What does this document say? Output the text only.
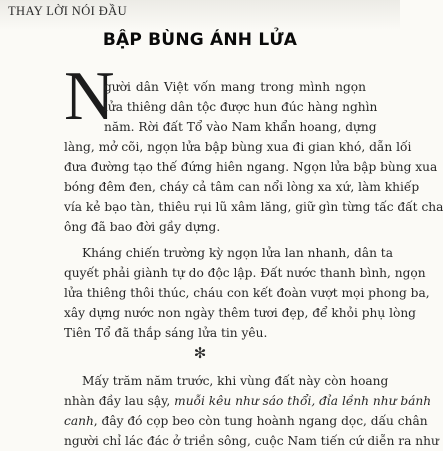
THAY LỜI NÓI ĐẦU
BẬP BÙNG ÁNH LỬA
N
gười dân Việt vốn mang trong mình ngọn
lửa thiêng dân tộc được hun đúc hàng nghìn
năm. Rời đất Tổ vào Nam khẩn hoang, dựng
làng, mở cõi, ngọn lửa bập bùng xua đi gian khó, dẫn lối
đưa đường tạo thế đứng hiên ngang. Ngọn lửa bập bùng xua
bóng đêm đen, cháy cả tâm can nổi lòng xa xứ, làm khiếp
vía kẻ bạo tàn, thiêu rụi lũ xâm lăng, giữ gìn từng tấc đất cha
ông đã bao đời gầy dựng.
Kháng chiến trường kỳ ngọn lửa lan nhanh, dân ta
quyết phải giành tự do độc lập. Đất nước thanh bình, ngọn
lửa thiêng thôi thúc, cháu con kết đoàn vượt mọi phong ba,
xây dựng nước non ngày thêm tươi đẹp, để khỏi phụ lòng
Tiên Tổ đã thắp sáng lửa tin yêu.
✻
Mấy trăm năm trước, khi vùng đất này còn hoang
nhàn đầy lau sậy, muỗi kêu như sáo thổi, đỉa lềnh như bánh
canh, đây đó cọp beo còn tung hoành ngang dọc, dấu chân
người chỉ lác đác ở triền sông, cuộc Nam tiến cứ diễn ra như
